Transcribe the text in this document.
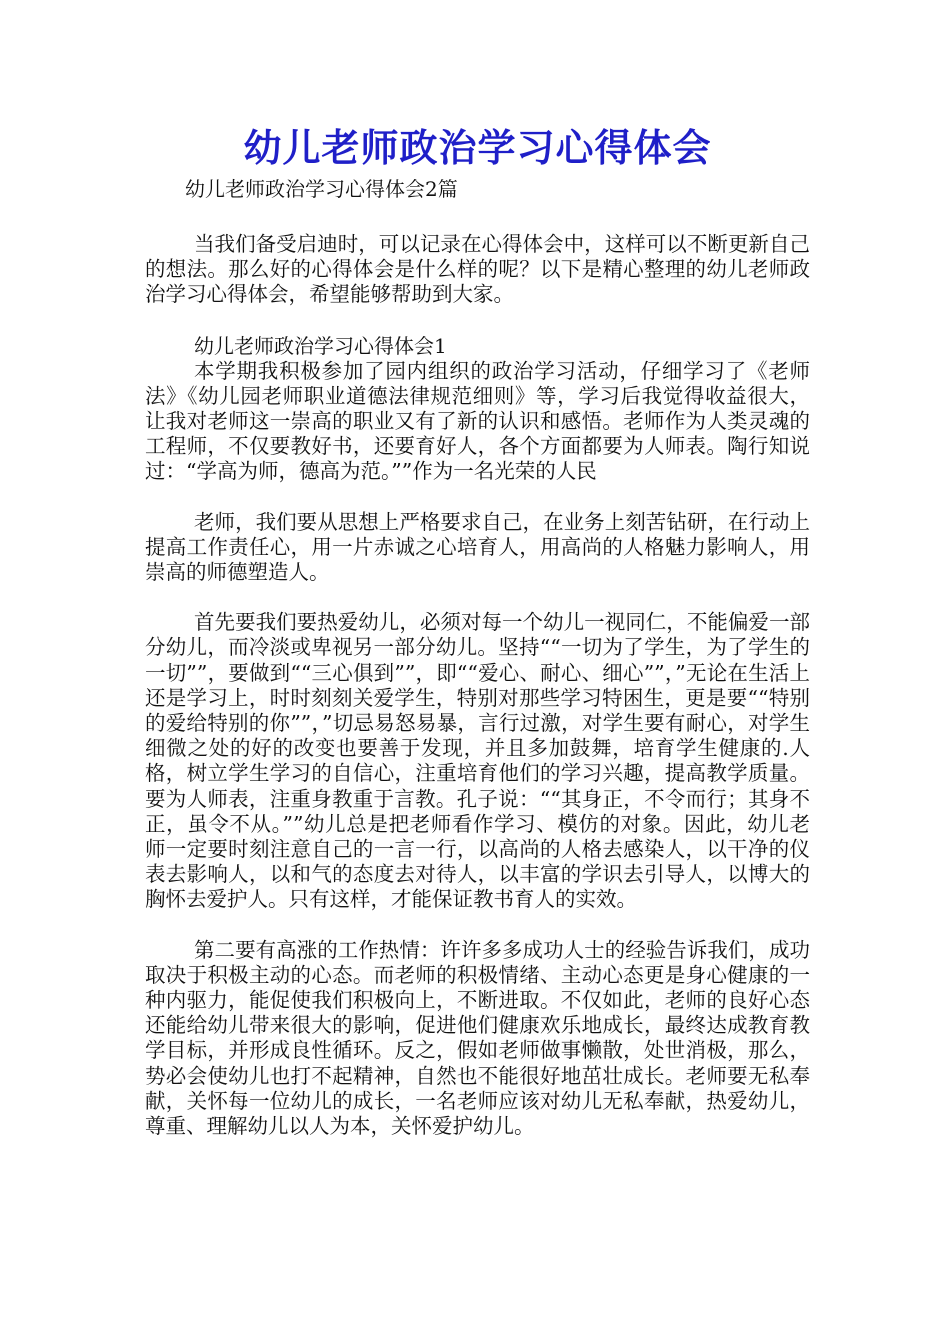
幼儿老师政治学习心得体会
幼儿老师政治学习心得体会2篇

当我们备受启迪时，可以记录在心得体会中，这样可以不断更新自己的想法。那么好的心得体会是什么样的呢？以下是精心整理的幼儿老师政治学习心得体会，希望能够帮助到大家。

幼儿老师政治学习心得体会1

本学期我积极参加了园内组织的政治学习活动，仔细学习了《老师法》《幼儿园老师职业道德法律规范细则》等，学习后我觉得收益很大，让我对老师这一崇高的职业又有了新的认识和感悟。老师作为人类灵魂的工程师，不仅要教好书，还要育好人，各个方面都要为人师表。陶行知说过：“学高为师，德高为范。””作为一名光荣的人民

老师，我们要从思想上严格要求自己，在业务上刻苦钻研，在行动上提高工作责任心，用一片赤诚之心培育人，用高尚的人格魅力影响人，用崇高的师德塑造人。

首先要我们要热爱幼儿，必须对每一个幼儿一视同仁，不能偏爱一部分幼儿，而冷淡或卑视另一部分幼儿。坚持““一切为了学生，为了学生的一切””，要做到““三心俱到””，即““爱心、耐心、细心””，”无论在生活上还是学习上，时时刻刻关爱学生，特别对那些学习特困生，更是要““特别的爱给特别的你””，”切忌易怒易暴，言行过激，对学生要有耐心，对学生细微之处的好的改变也要善于发现，并且多加鼓舞，培育学生健康的.人格，树立学生学习的自信心，注重培育他们的学习兴趣，提高教学质量。要为人师表，注重身教重于言教。孔子说：““其身正，不令而行；其身不正，虽令不从。””幼儿总是把老师看作学习、模仿的对象。因此，幼儿老师一定要时刻注意自己的一言一行，以高尚的人格去感染人，以干净的仪表去影响人，以和气的态度去对待人，以丰富的学识去引导人，以博大的胸怀去爱护人。只有这样，才能保证教书育人的实效。

第二要有高涨的工作热情：许许多多成功人士的经验告诉我们，成功取决于积极主动的心态。而老师的积极情绪、主动心态更是身心健康的一种内驱力，能促使我们积极向上，不断进取。不仅如此，老师的良好心态还能给幼儿带来很大的影响，促进他们健康欢乐地成长，最终达成教育教学目标，并形成良性循环。反之，假如老师做事懒散，处世消极，那么，势必会使幼儿也打不起精神，自然也不能很好地茁壮成长。老师要无私奉献，关怀每一位幼儿的成长，一名老师应该对幼儿无私奉献，热爱幼儿，尊重、理解幼儿以人为本，关怀爱护幼儿。
